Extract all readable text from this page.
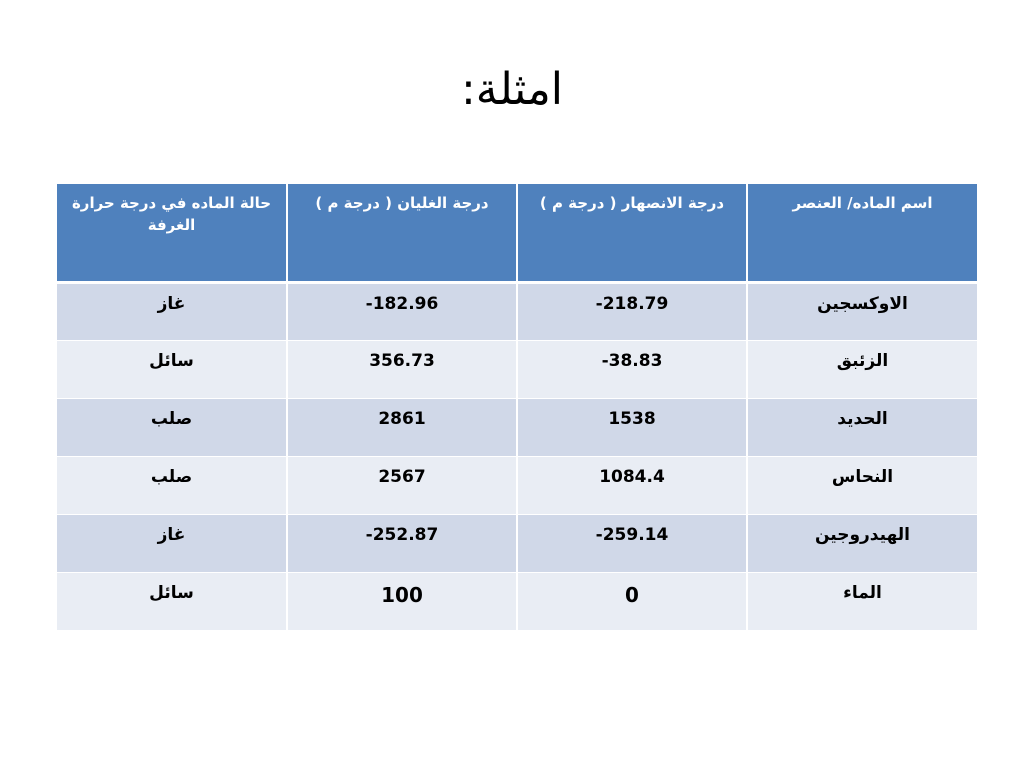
امثلة:
اسم الماده/ العنصر	درجة الانصهار ( درجة م )	درجة الغليان ( درجة م )	حالة الماده في درجة حرارة الغرفة
الاوكسجين	-218.79	-182.96	غاز
الزئبق	-38.83	356.73	سائل
الحديد	1538	2861	صلب
النحاس	1084.4	2567	صلب
الهيدروجين	-259.14	-252.87	غاز
الماء	0	100	سائل
